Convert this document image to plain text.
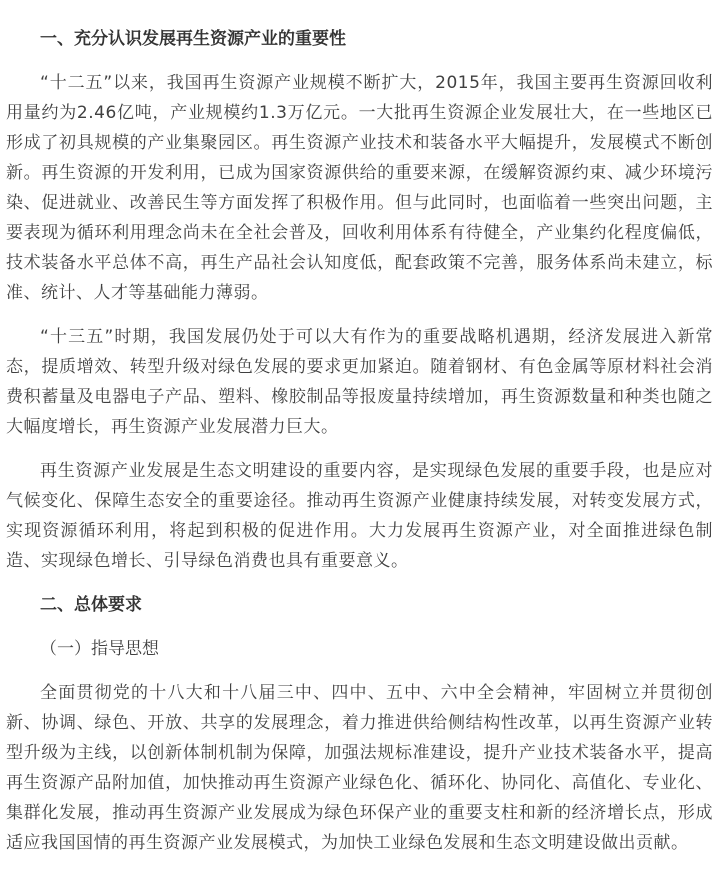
一、充分认识发展再生资源产业的重要性

“十二五”以来，我国再生资源产业规模不断扩大，2015年，我国主要再生资源回收利用量约为2.46亿吨，产业规模约1.3万亿元。一大批再生资源企业发展壮大，在一些地区已形成了初具规模的产业集聚园区。再生资源产业技术和装备水平大幅提升，发展模式不断创新。再生资源的开发利用，已成为国家资源供给的重要来源，在缓解资源约束、减少环境污染、促进就业、改善民生等方面发挥了积极作用。但与此同时，也面临着一些突出问题，主要表现为循环利用理念尚未在全社会普及，回收利用体系有待健全，产业集约化程度偏低，技术装备水平总体不高，再生产品社会认知度低，配套政策不完善，服务体系尚未建立，标准、统计、人才等基础能力薄弱。

“十三五”时期，我国发展仍处于可以大有作为的重要战略机遇期，经济发展进入新常态，提质增效、转型升级对绿色发展的要求更加紧迫。随着钢材、有色金属等原材料社会消费积蓄量及电器电子产品、塑料、橡胶制品等报废量持续增加，再生资源数量和种类也随之大幅度增长，再生资源产业发展潜力巨大。

再生资源产业发展是生态文明建设的重要内容，是实现绿色发展的重要手段，也是应对气候变化、保障生态安全的重要途径。推动再生资源产业健康持续发展，对转变发展方式，实现资源循环利用，将起到积极的促进作用。大力发展再生资源产业，对全面推进绿色制造、实现绿色增长、引导绿色消费也具有重要意义。

二、总体要求

（一）指导思想

全面贯彻党的十八大和十八届三中、四中、五中、六中全会精神，牢固树立并贯彻创新、协调、绿色、开放、共享的发展理念，着力推进供给侧结构性改革，以再生资源产业转型升级为主线，以创新体制机制为保障，加强法规标准建设，提升产业技术装备水平，提高再生资源产品附加值，加快推动再生资源产业绿色化、循环化、协同化、高值化、专业化、集群化发展，推动再生资源产业发展成为绿色环保产业的重要支柱和新的经济增长点，形成适应我国国情的再生资源产业发展模式，为加快工业绿色发展和生态文明建设做出贡献。
